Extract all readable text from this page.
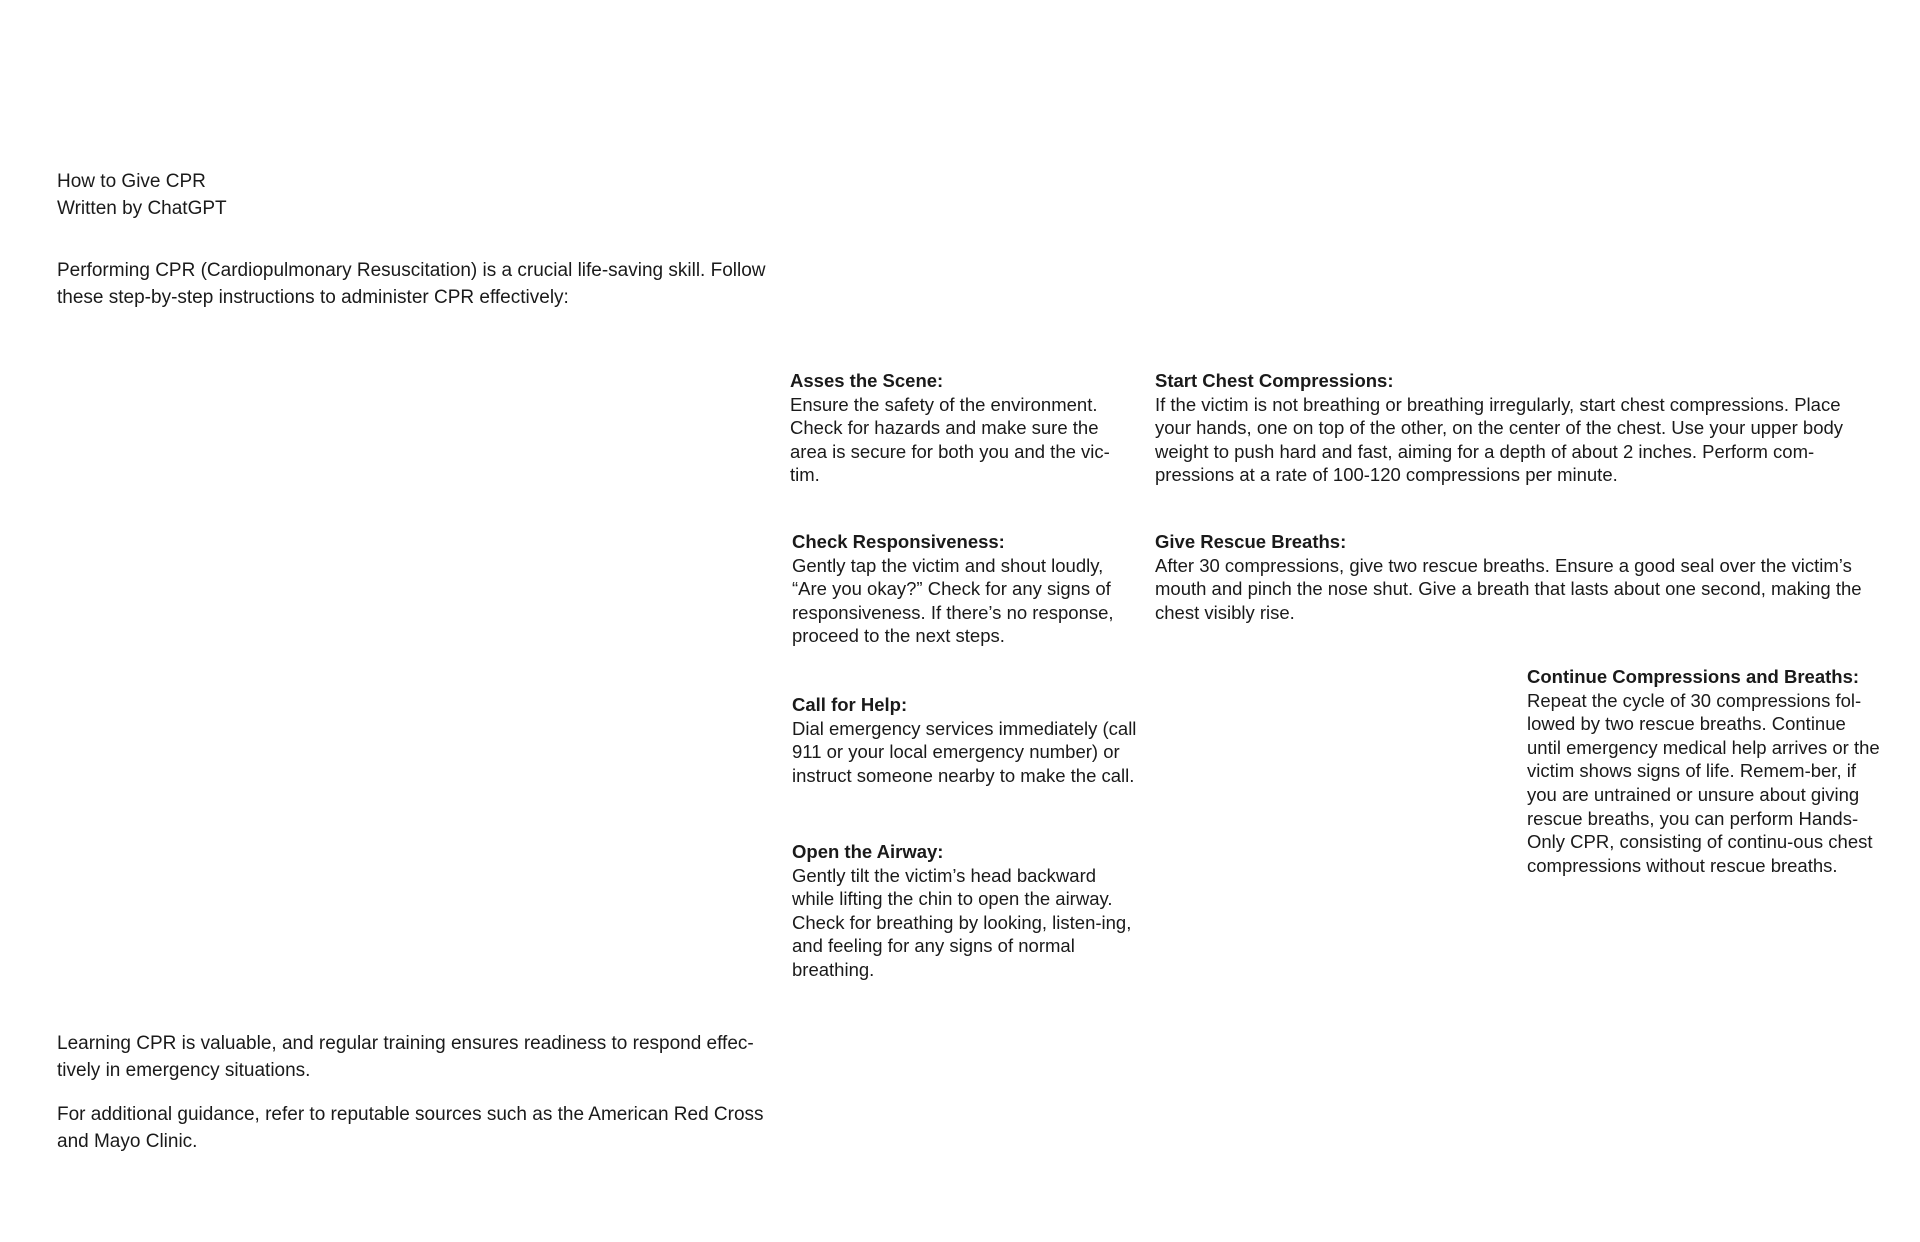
How to Give CPR

Written by ChatGPT

Performing CPR (Cardiopulmonary Resuscitation) is a crucial life-saving skill. Follow these step-by-step instructions to administer CPR effectively:

Asses the Scene:
Ensure the safety of the environment. Check for hazards and make sure the area is secure for both you and the vic-tim.
Check Responsiveness:
Gently tap the victim and shout loudly, “Are you okay?” Check for any signs of responsiveness. If there’s no response, proceed to the next steps.
Call for Help:
Dial emergency services immediately (call 911 or your local emergency number) or instruct someone nearby to make the call.
Open the Airway:
Gently tilt the victim’s head backward while lifting the chin to open the airway. Check for breathing by looking, listen-ing, and feeling for any signs of normal breathing.
Start Chest Compressions:
If the victim is not breathing or breathing irregularly, start chest compressions. Place your hands, one on top of the other, on the center of the chest. Use your upper body weight to push hard and fast, aiming for a depth of about 2 inches. Perform com-pressions at a rate of 100-120 compressions per minute.
Give Rescue Breaths:
After 30 compressions, give two rescue breaths. Ensure a good seal over the victim’s mouth and pinch the nose shut. Give a breath that lasts about one second, making the chest visibly rise.
Continue Compressions and Breaths:
Repeat the cycle of 30 compressions fol-lowed by two rescue breaths. Continue until emergency medical help arrives or the victim shows signs of life. Remem-ber, if you are untrained or unsure about giving rescue breaths, you can perform Hands-Only CPR, consisting of continu-ous chest compressions without rescue breaths.

Learning CPR is valuable, and regular training ensures readiness to respond effec-tively in emergency situations.

For additional guidance, refer to reputable sources such as the American Red Cross and Mayo Clinic.
